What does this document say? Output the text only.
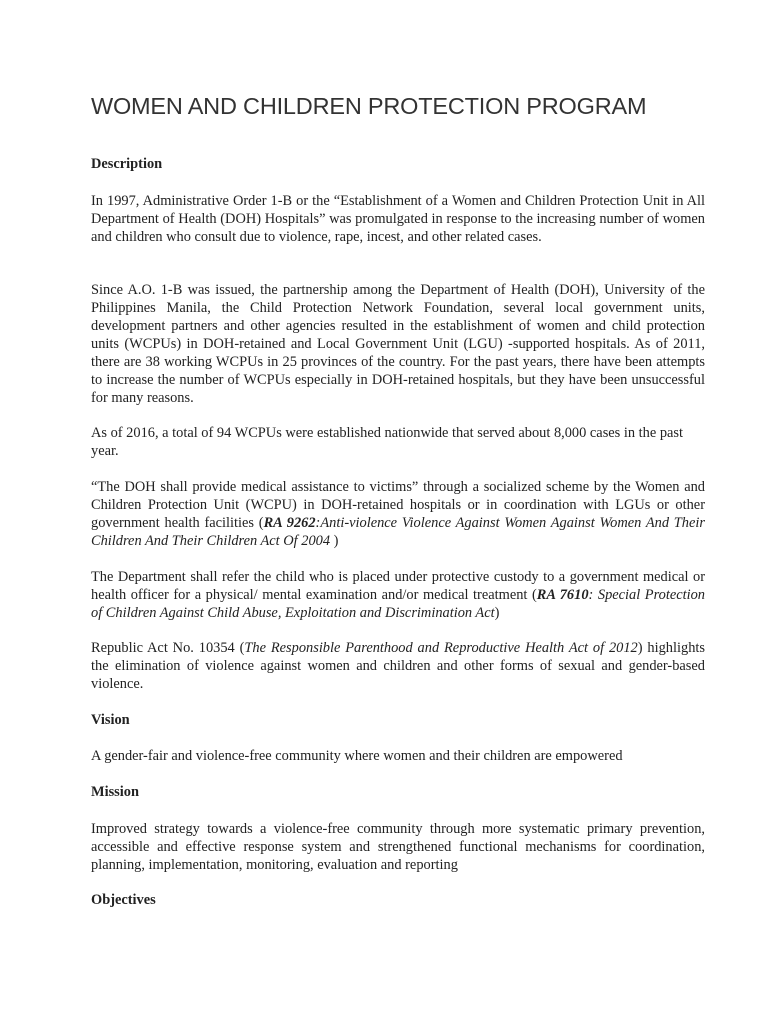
WOMEN AND CHILDREN PROTECTION PROGRAM
Description

In 1997, Administrative Order 1-B or the “Establishment of a Women and Children Protection Unit in All Department of Health (DOH) Hospitals” was promulgated in response to the increasing number of women and children who consult due to violence, rape, incest, and other related cases.

Since A.O. 1-B was issued, the partnership among the Department of Health (DOH), University of the Philippines Manila, the Child Protection Network Foundation, several local government units, development partners and other agencies resulted in the establishment of women and child protection units (WCPUs) in DOH-retained and Local Government Unit (LGU) -supported hospitals. As of 2011, there are 38 working WCPUs in 25 provinces of the country. For the past years, there have been attempts to increase the number of WCPUs especially in DOH-retained hospitals, but they have been unsuccessful for many reasons.

As of 2016, a total of 94 WCPUs were established nationwide that served about 8,000 cases in the past year.

“The DOH shall provide medical assistance to victims” through a socialized scheme by the Women and Children Protection Unit (WCPU) in DOH-retained hospitals or in coordination with LGUs or other government health facilities (RA 9262:Anti-violence Violence Against Women Against Women And Their Children And Their Children Act Of 2004 )

The Department shall refer the child who is placed under protective custody to a government medical or health officer for a physical/ mental examination and/or medical treatment (RA 7610: Special Protection of Children Against Child Abuse, Exploitation and Discrimination Act)

Republic Act No. 10354 (The Responsible Parenthood and Reproductive Health Act of 2012) highlights the elimination of violence against women and children and other forms of sexual and gender-based violence.

Vision

A gender-fair and violence-free community where women and their children are empowered

Mission

Improved strategy towards a violence-free community through more systematic primary prevention, accessible and effective response system and strengthened functional mechanisms for coordination, planning, implementation, monitoring, evaluation and reporting

Objectives
